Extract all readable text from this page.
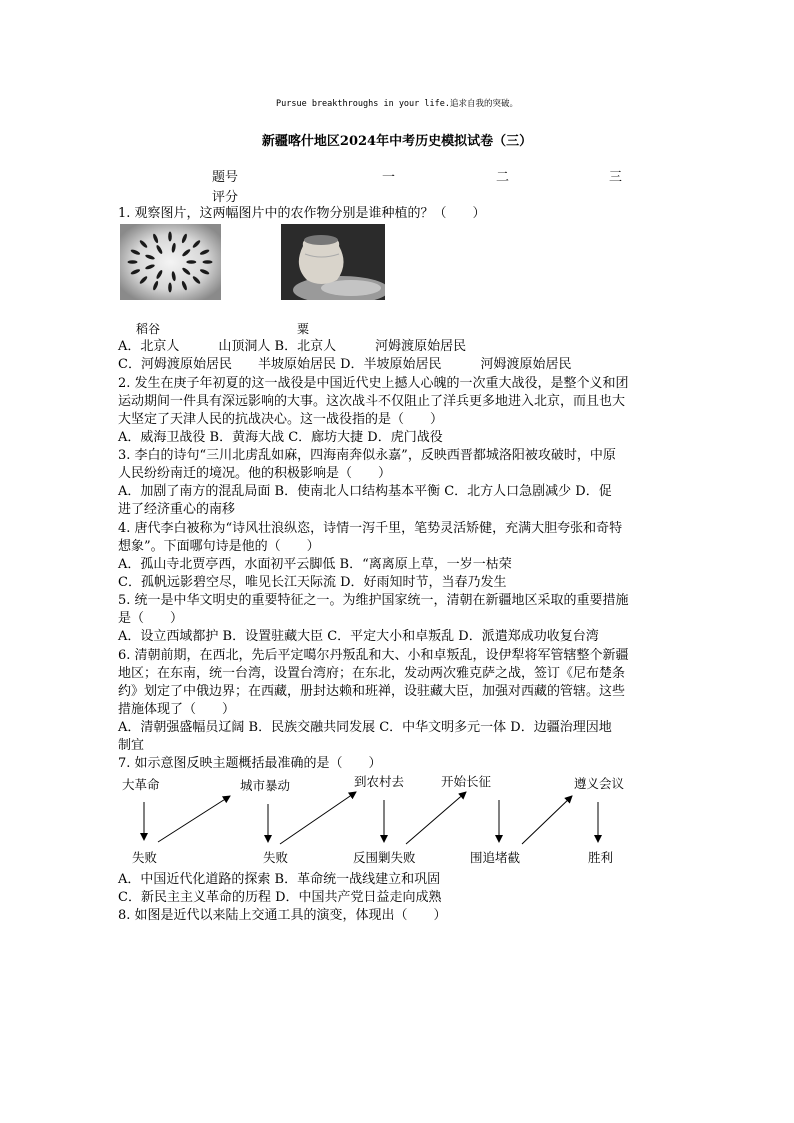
Pursue breakthroughs in your life.追求自我的突破。
新疆喀什地区2024年中考历史模拟试卷（三）
题号	一	二	三
评分
1. 观察图片，这两幅图片中的农作物分别是谁种植的？（　　）
稻谷	粟
A．北京人　　　山顶洞人 B．北京人　　　河姆渡原始居民
C．河姆渡原始居民　　半坡原始居民 D．半坡原始居民　　　河姆渡原始居民
2. 发生在庚子年初夏的这一战役是中国近代史上撼人心魄的一次重大战役，是整个义和团
运动期间一件具有深远影响的大事。这次战斗不仅阻止了洋兵更多地进入北京，而且也大
大坚定了天津人民的抗战决心。这一战役指的是（　　）
A．威海卫战役 B．黄海大战 C．廊坊大捷 D．虎门战役
3. 李白的诗句“三川北虏乱如麻，四海南奔似永嘉”，反映西晋都城洛阳被攻破时，中原
人民纷纷南迁的境况。他的积极影响是（　　）
A．加剧了南方的混乱局面 B．使南北人口结构基本平衡 C．北方人口急剧减少 D．促
进了经济重心的南移
4. 唐代李白被称为“诗风壮浪纵恣，诗情一泻千里，笔势灵活矫健，充满大胆夸张和奇特
想象”。下面哪句诗是他的（　　）
A．孤山寺北贾亭西，水面初平云脚低 B．“离离原上草，一岁一枯荣
C．孤帆远影碧空尽，唯见长江天际流 D．好雨知时节，当春乃发生
5. 统一是中华文明史的重要特征之一。为维护国家统一，清朝在新疆地区采取的重要措施
是（　　）
A．设立西域都护 B．设置驻藏大臣 C．平定大小和卓叛乱 D．派遣郑成功收复台湾
6. 清朝前期，在西北，先后平定噶尔丹叛乱和大、小和卓叛乱，设伊犁将军管辖整个新疆
地区；在东南，统一台湾，设置台湾府；在东北，发动两次雅克萨之战，签订《尼布楚条
约》划定了中俄边界；在西藏，册封达赖和班禅，设驻藏大臣，加强对西藏的管辖。这些
措施体现了（　　）
A．清朝强盛幅员辽阔 B．民族交融共同发展 C．中华文明多元一体 D．边疆治理因地
制宜
7. 如示意图反映主题概括最准确的是（　　）
大革命	城市暴动	到农村去	开始长征	遵义会议
失败	失败	反围剿失败	围追堵截	胜利
A．中国近代化道路的探索 B．革命统一战线建立和巩固
C．新民主主义革命的历程 D．中国共产党日益走向成熟
8. 如图是近代以来陆上交通工具的演变，体现出（　　）
